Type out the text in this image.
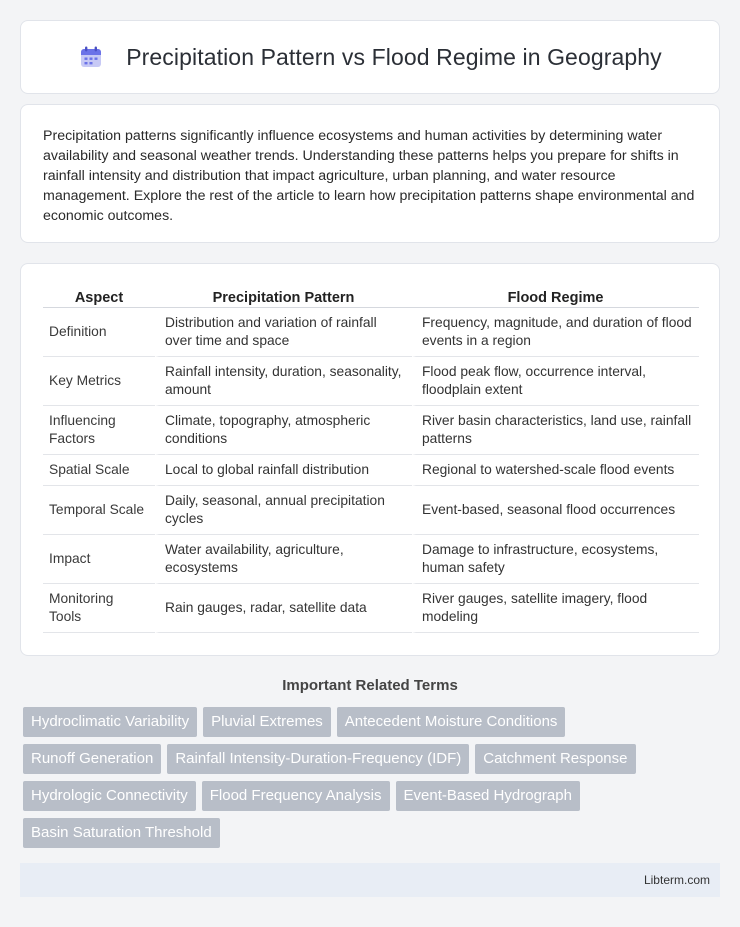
Precipitation Pattern vs Flood Regime in Geography

Precipitation patterns significantly influence ecosystems and human activities by determining water availability and seasonal weather trends. Understanding these patterns helps you prepare for shifts in rainfall intensity and distribution that impact agriculture, urban planning, and water resource management. Explore the rest of the article to learn how precipitation patterns shape environmental and economic outcomes.

Aspect	Precipitation Pattern	Flood Regime
Definition	Distribution and variation of rainfall over time and space	Frequency, magnitude, and duration of flood events in a region
Key Metrics	Rainfall intensity, duration, seasonality, amount	Flood peak flow, occurrence interval, floodplain extent
Influencing Factors	Climate, topography, atmospheric conditions	River basin characteristics, land use, rainfall patterns
Spatial Scale	Local to global rainfall distribution	Regional to watershed-scale flood events
Temporal Scale	Daily, seasonal, annual precipitation cycles	Event-based, seasonal flood occurrences
Impact	Water availability, agriculture, ecosystems	Damage to infrastructure, ecosystems, human safety
Monitoring Tools	Rain gauges, radar, satellite data	River gauges, satellite imagery, flood modeling
Important Related Terms
Hydroclimatic Variability	Pluvial Extremes	Antecedent Moisture Conditions
Runoff Generation	Rainfall Intensity-Duration-Frequency (IDF)	Catchment Response
Hydrologic Connectivity	Flood Frequency Analysis	Event-Based Hydrograph
Basin Saturation Threshold
Libterm.com
